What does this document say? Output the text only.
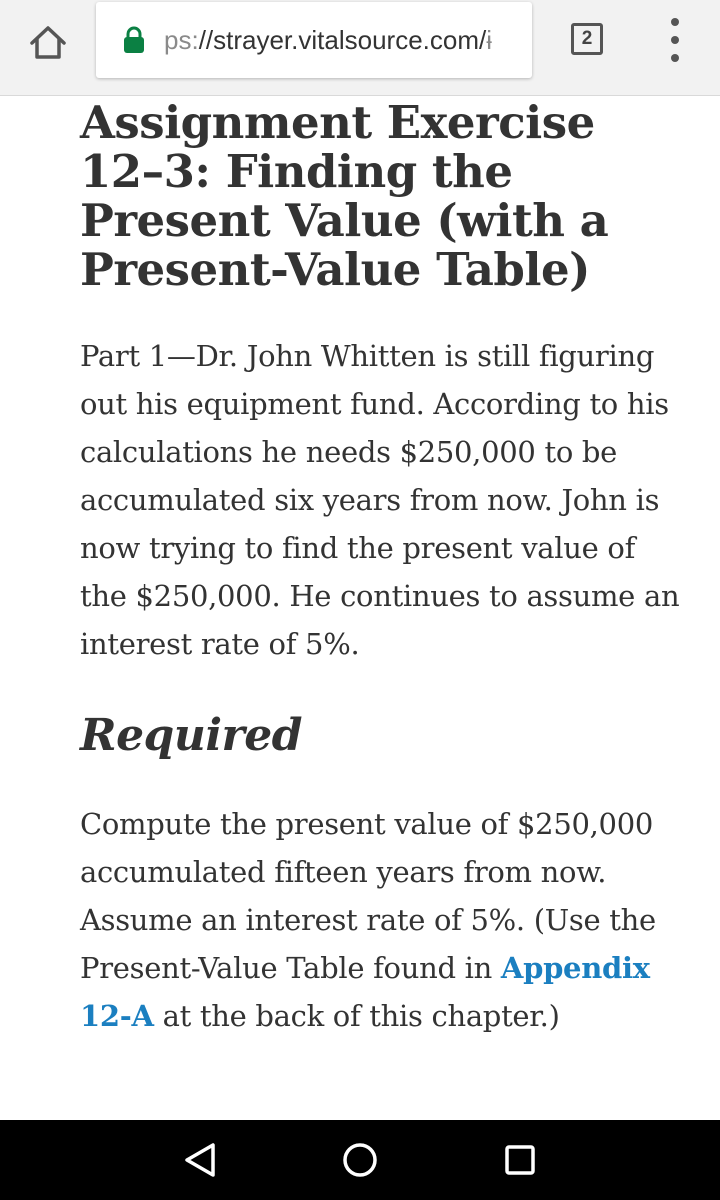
ps://strayer.vitalsource.com/ɨ	2
Assignment Exercise 12–3: Finding the Present Value (with a Present-Value Table)

Part 1—Dr. John Whitten is still figuring out his equipment fund. According to his calculations he needs $250,000 to be accumulated six years from now. John is now trying to find the present value of the $250,000. He continues to assume an interest rate of 5%.

Required

Compute the present value of $250,000 accumulated fifteen years from now. Assume an interest rate of 5%. (Use the Present-Value Table found in Appendix 12-A at the back of this chapter.)
